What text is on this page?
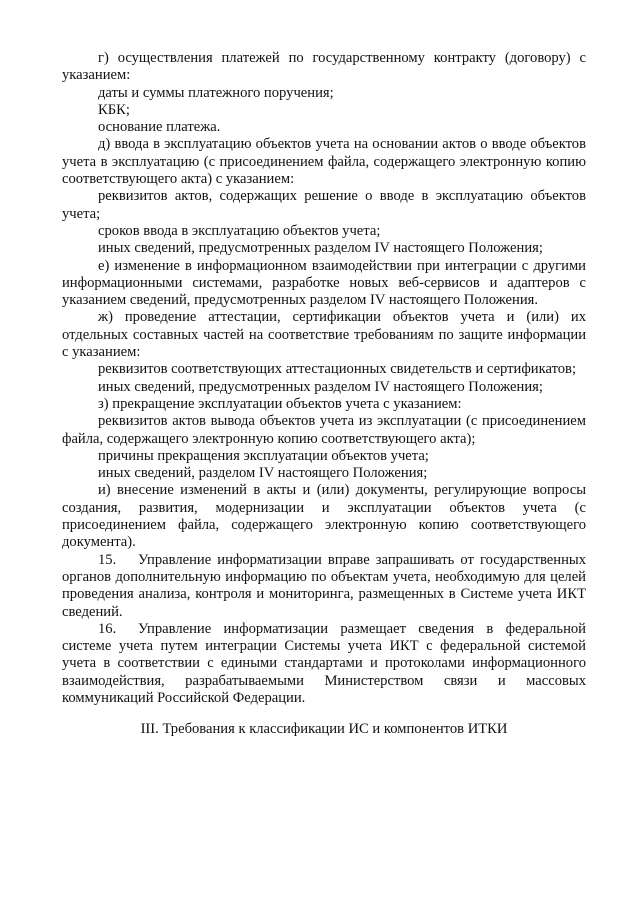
г) осуществления платежей по государственному контракту (договору) с указанием:

даты и суммы платежного поручения;

КБК;

основание платежа.

д) ввода в эксплуатацию объектов учета на основании актов о вводе объектов учета в эксплуатацию (с присоединением файла, содержащего электронную копию соответствующего акта) с указанием:

реквизитов актов, содержащих решение о вводе в эксплуатацию объектов учета;

сроков ввода в эксплуатацию объектов учета;

иных сведений, предусмотренных разделом IV настоящего Положения;

е) изменение в информационном взаимодействии при интеграции с другими информационными системами, разработке новых веб-сервисов и адаптеров с указанием сведений, предусмотренных разделом IV настоящего Положения.

ж) проведение аттестации, сертификации объектов учета и (или) их отдельных составных частей на соответствие требованиям по защите информации с указанием:

реквизитов соответствующих аттестационных свидетельств и сертификатов;

иных сведений, предусмотренных разделом IV настоящего Положения;

з) прекращение эксплуатации объектов учета с указанием:

реквизитов актов вывода объектов учета из эксплуатации (с присоединением файла, содержащего электронную копию соответствующего акта);

причины прекращения эксплуатации объектов учета;

иных сведений, разделом IV настоящего Положения;

и) внесение изменений в акты и (или) документы, регулирующие вопросы создания, развития, модернизации и эксплуатации объектов учета (с присоединением файла, содержащего электронную копию соответствующего документа).

15. Управление информатизации вправе запрашивать от государственных органов дополнительную информацию по объектам учета, необходимую для целей проведения анализа, контроля и мониторинга, размещенных в Системе учета ИКТ сведений.

16. Управление информатизации размещает сведения в федеральной системе учета путем интеграции Системы учета ИКТ с федеральной системой учета в соответствии с едиными стандартами и протоколами информационного взаимодействия, разрабатываемыми Министерством связи и массовых коммуникаций Российской Федерации.

III. Требования к классификации ИС и компонентов ИТКИ
